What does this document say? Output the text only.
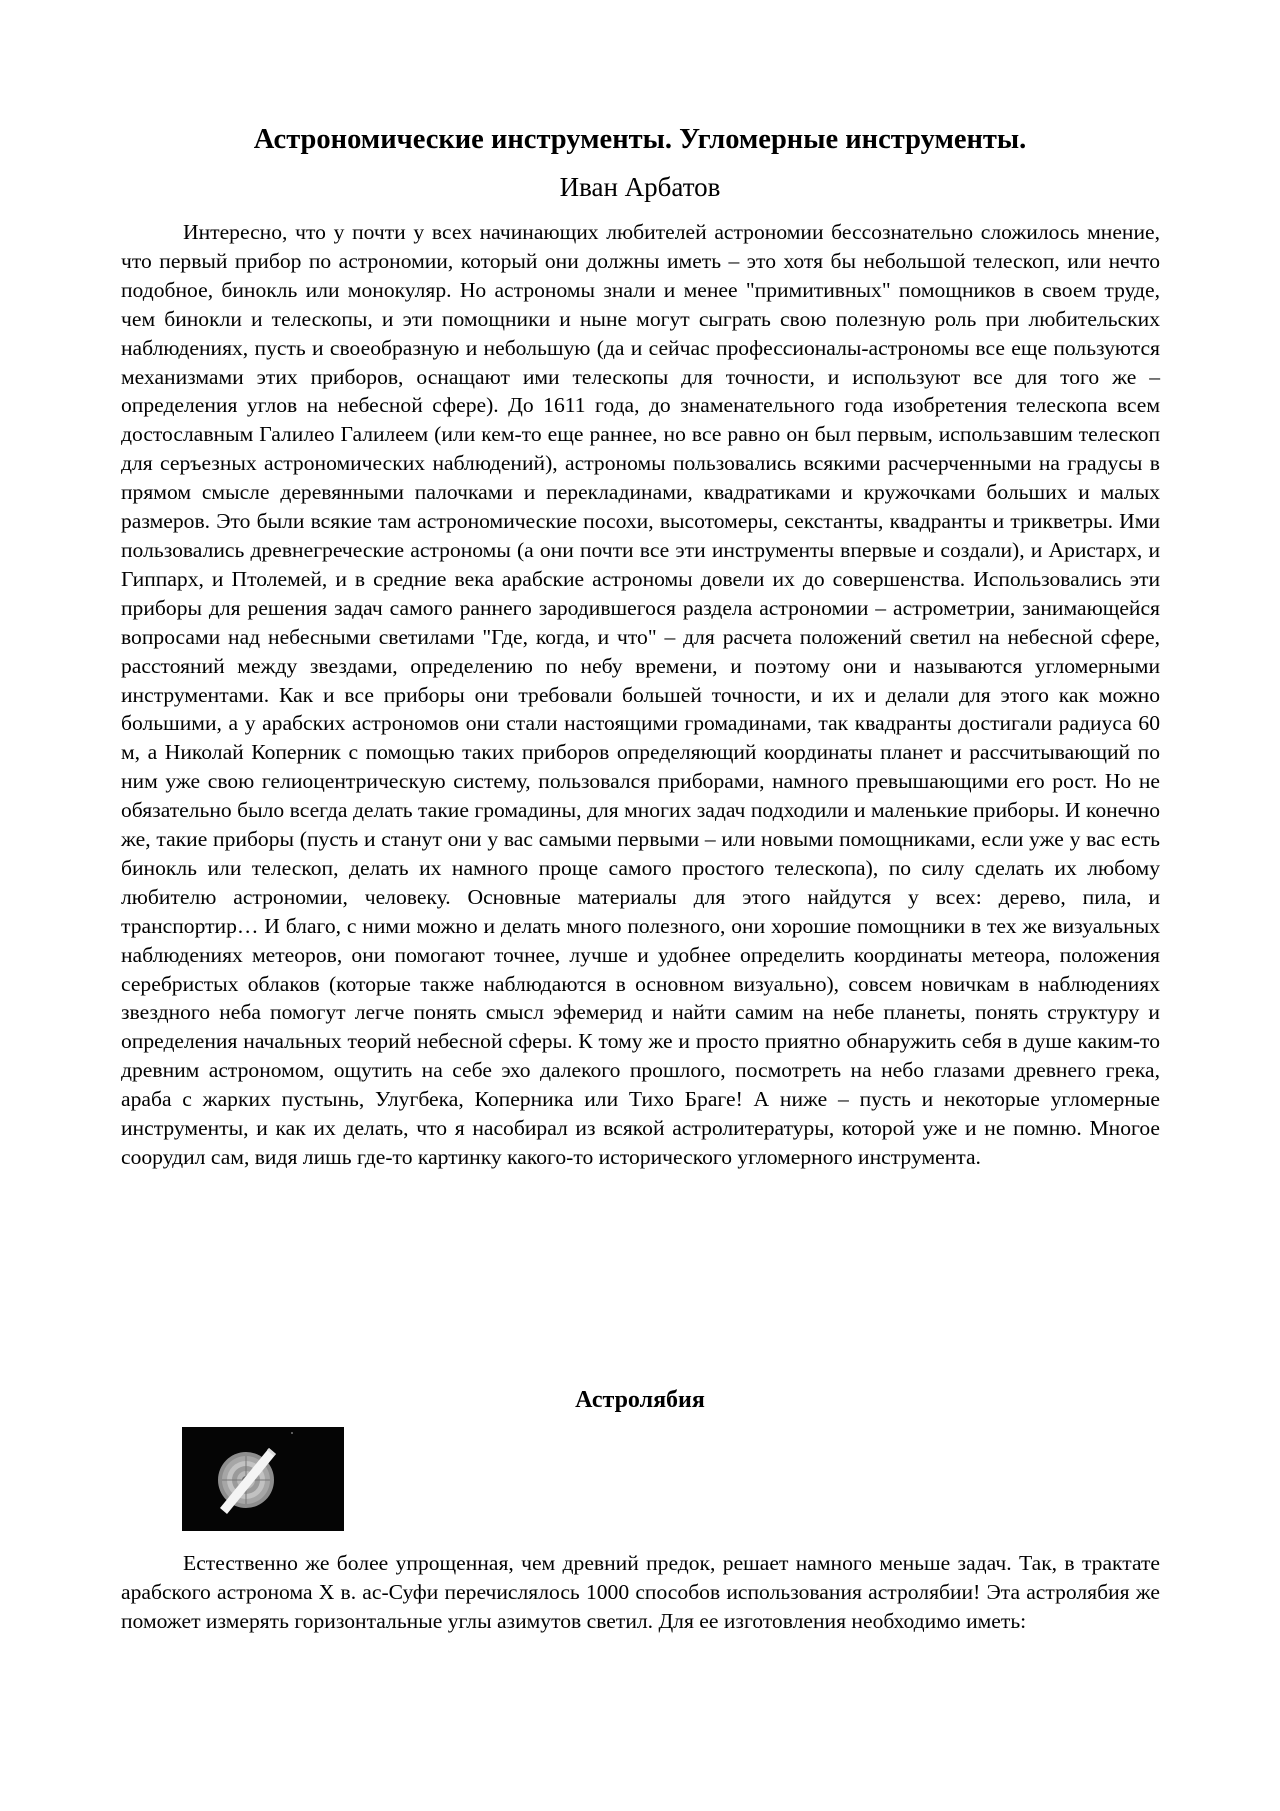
Астрономические инструменты. Угломерные инструменты.
Иван Арбатов

Интересно, что у почти у всех начинающих любителей астрономии бессознательно сложилось мнение, что первый прибор по астрономии, который они должны иметь – это хотя бы небольшой телескоп, или нечто подобное, бинокль или монокуляр. Но астрономы знали и менее "примитивных" помощников в своем труде, чем бинокли и телескопы, и эти помощники и ныне могут сыграть свою полезную роль при любительских наблюдениях, пусть и своеобразную и небольшую (да и сейчас профессионалы-астрономы все еще пользуются механизмами этих приборов, оснащают ими телескопы для точности, и используют все для того же – определения углов на небесной сфере). До 1611 года, до знаменательного года изобретения телескопа всем достославным Галилео Галилеем (или кем-то еще раннее, но все равно он был первым, использавшим телескоп для серъезных астрономических наблюдений), астрономы пользовались всякими расчерченными на градусы в прямом смысле деревянными палочками и перекладинами, квадратиками и кружочками больших и малых размеров. Это были всякие там астрономические посохи, высотомеры, секстанты, квадранты и трикветры. Ими пользовались древнегреческие астрономы (а они почти все эти инструменты впервые и создали), и Аристарх, и Гиппарх, и Птолемей, и в средние века арабские астрономы довели их до совершенства. Использовались эти приборы для решения задач самого раннего зародившегося раздела астрономии – астрометрии, занимающейся вопросами над небесными светилами "Где, когда, и что" – для расчета положений светил на небесной сфере, расстояний между звездами, определению по небу времени, и поэтому они и называются угломерными инструментами. Как и все приборы они требовали большей точности, и их и делали для этого как можно большими, а у арабских астрономов они стали настоящими громадинами, так квадранты достигали радиуса 60 м, а Николай Коперник с помощью таких приборов определяющий координаты планет и рассчитывающий по ним уже свою гелиоцентрическую систему, пользовался приборами, намного превышающими его рост. Но не обязательно было всегда делать такие громадины, для многих задач подходили и маленькие приборы. И конечно же, такие приборы (пусть и станут они у вас самыми первыми – или новыми помощниками, если уже у вас есть бинокль или телескоп, делать их намного проще самого простого телескопа), по силу сделать их любому любителю астрономии, человеку. Основные материалы для этого найдутся у всех: дерево, пила, и транспортир… И благо, с ними можно и делать много полезного, они хорошие помощники в тех же визуальных наблюдениях метеоров, они помогают точнее, лучше и удобнее определить координаты метеора, положения серебристых облаков (которые также наблюдаются в основном визуально), совсем новичкам в наблюдениях звездного неба помогут легче понять смысл эфемерид и найти самим на небе планеты, понять структуру и определения начальных теорий небесной сферы. К тому же и просто приятно обнаружить себя в душе каким-то древним астрономом, ощутить на себе эхо далекого прошлого, посмотреть на небо глазами древнего грека, араба с жарких пустынь, Улугбека, Коперника или Тихо Браге! А ниже – пусть и некоторые угломерные инструменты, и как их делать, что я насобирал из всякой астролитературы, которой уже и не помню. Многое соорудил сам, видя лишь где-то картинку какого-то исторического угломерного инструмента.

Астролябия

Естественно же более упрощенная, чем древний предок, решает намного меньше задач. Так, в трактате арабского астронома X в. ас-Суфи перечислялось 1000 способов использования астролябии! Эта астролябия же поможет измерять горизонтальные углы азимутов светил. Для ее изготовления необходимо иметь:
